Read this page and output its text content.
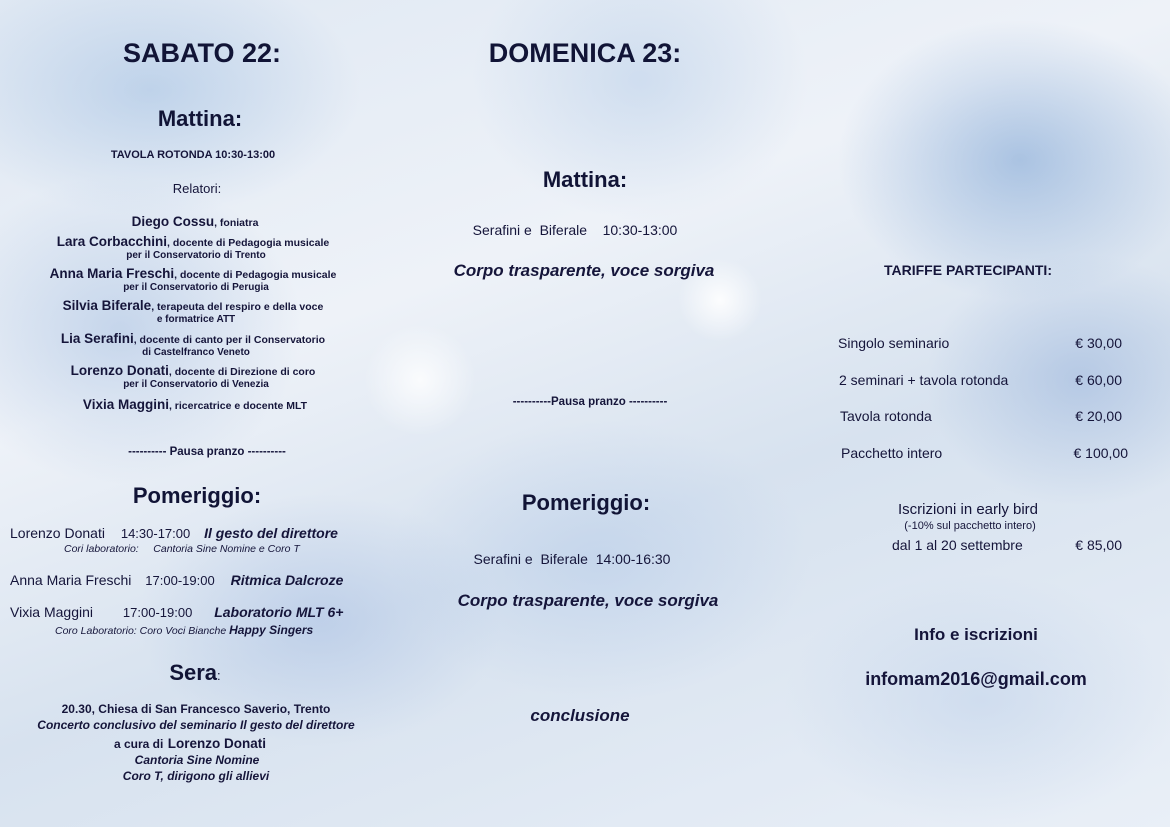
SABATO 22:
Mattina:
TAVOLA ROTONDA 10:30-13:00
Relatori:
Diego Cossu, foniatra
Lara Corbacchini, docente di Pedagogia musicale
per il Conservatorio di Trento
Anna Maria Freschi, docente di Pedagogia musicale
per il Conservatorio di Perugia
Silvia Biferale, terapeuta del respiro e della voce
e formatrice ATT
Lia Serafini, docente di canto per il Conservatorio
di Castelfranco Veneto
Lorenzo Donati, docente di Direzione di coro
per il Conservatorio di Venezia
Vixia Maggini, ricercatrice e docente MLT
---------- Pausa pranzo ----------
Pomeriggio:
Lorenzo Donati 14:30-17:00 Il gesto del direttore
Cori laboratorio:     Cantoria Sine Nomine e Coro T
Anna Maria Freschi 17:00-19:00 Ritmica Dalcroze
Vixia Maggini 17:00-19:00 Laboratorio MLT 6+
Coro Laboratorio: Coro Voci Bianche Happy Singers
Sera:
20.30, Chiesa di San Francesco Saverio, Trento
Concerto conclusivo del seminario Il gesto del direttore
a cura di Lorenzo Donati
Cantoria Sine Nomine
Coro T, dirigono gli allievi
DOMENICA 23:
Mattina:
Serafini e  Biferale    10:30-13:00
Corpo trasparente, voce sorgiva
----------Pausa pranzo ----------
Pomeriggio:
Serafini e  Biferale  14:00-16:30
Corpo trasparente, voce sorgiva
conclusione
TARIFFE PARTECIPANTI:
Singolo seminario	€ 30,00
2 seminari + tavola rotonda	€ 60,00
Tavola rotonda	€ 20,00
Pacchetto intero	€ 100,00
Iscrizioni in early bird
(-10% sul pacchetto intero)
dal 1 al 20 settembre	€ 85,00
Info e iscrizioni
infomam2016@gmail.com
